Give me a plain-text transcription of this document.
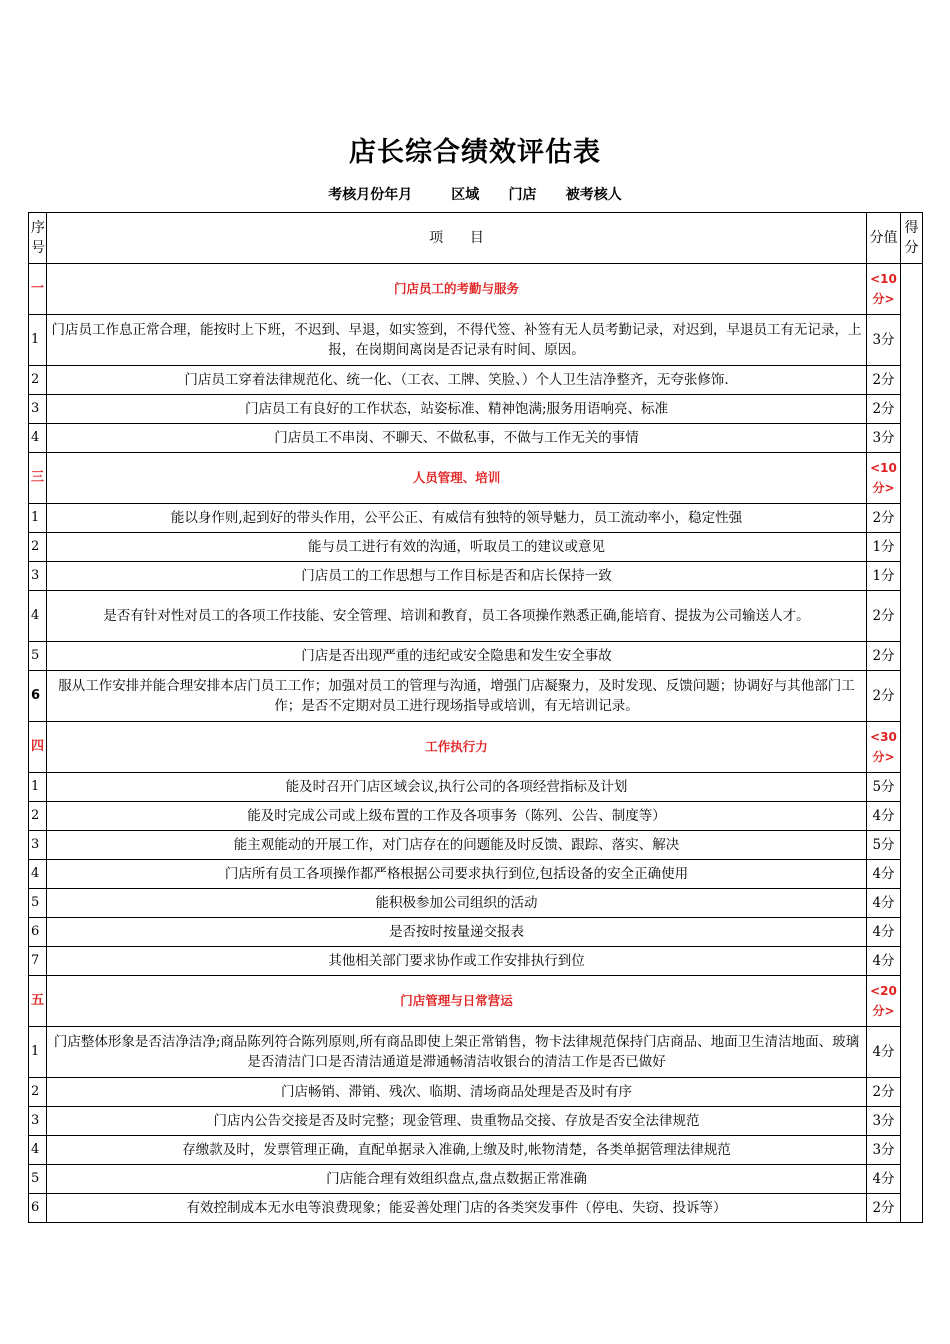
店长综合绩效评估表
考核月份年月        区域      门店      被考核人
序号	项      目	分值	得分
一	门店员工的考勤与服务	<10分>	
1	门店员工作息正常合理，能按时上下班，不迟到、早退，如实签到，不得代签、补签有无人员考勤记录，对迟到，早退员工有无记录，上报，在岗期间离岗是否记录有时间、原因。	3分	
2	门店员工穿着法律规范化、统一化、（工衣、工牌、笑脸、）个人卫生洁净整齐，无夸张修饰.	2分	
3	门店员工有良好的工作状态，站姿标准、精神饱满;服务用语响亮、标准	2分	
4	门店员工不串岗、不聊天、不做私事，不做与工作无关的事情	3分	
三	人员管理、培训	<10分>	
1	能以身作则,起到好的带头作用，公平公正、有威信有独特的领导魅力，员工流动率小，稳定性强	2分	
2	能与员工进行有效的沟通，听取员工的建议或意见	1分	
3	门店员工的工作思想与工作目标是否和店长保持一致	1分	
4	是否有针对性对员工的各项工作技能、安全管理、培训和教育，员工各项操作熟悉正确,能培育、提拔为公司输送人才。	2分	
5	门店是否出现严重的违纪或安全隐患和发生安全事故	2分	
6	服从工作安排并能合理安排本店门员工工作；加强对员工的管理与沟通，增强门店凝聚力，及时发现、反馈问题；协调好与其他部门工作；是否不定期对员工进行现场指导或培训，有无培训记录。	2分	
四	工作执行力	<30分>	
1	能及时召开门店区域会议,执行公司的各项经营指标及计划	5分	
2	能及时完成公司或上级布置的工作及各项事务（陈列、公告、制度等）	4分	
3	能主观能动的开展工作，对门店存在的问题能及时反馈、跟踪、落实、解决	5分	
4	门店所有员工各项操作都严格根据公司要求执行到位,包括设备的安全正确使用	4分	
5	能积极参加公司组织的活动	4分	
6	是否按时按量递交报表	4分	
7	其他相关部门要求协作或工作安排执行到位	4分	
五	门店管理与日常营运	<20分>	
1	门店整体形象是否洁净洁净;商品陈列符合陈列原则,所有商品即使上架正常销售，物卡法律规范保持门店商品、地面卫生清洁地面、玻璃是否清洁门口是否清洁通道是滞通畅清洁收银台的清洁工作是否已做好	4分	
2	门店畅销、滞销、残次、临期、清场商品处理是否及时有序	2分	
3	门店内公告交接是否及时完整；现金管理、贵重物品交接、存放是否安全法律规范	3分	
4	存缴款及时，发票管理正确，直配单据录入准确,上缴及时,帐物清楚，各类单据管理法律规范	3分	
5	门店能合理有效组织盘点,盘点数据正常准确	4分	
6	有效控制成本无水电等浪费现象；能妥善处理门店的各类突发事件（停电、失窃、投诉等）	2分	
